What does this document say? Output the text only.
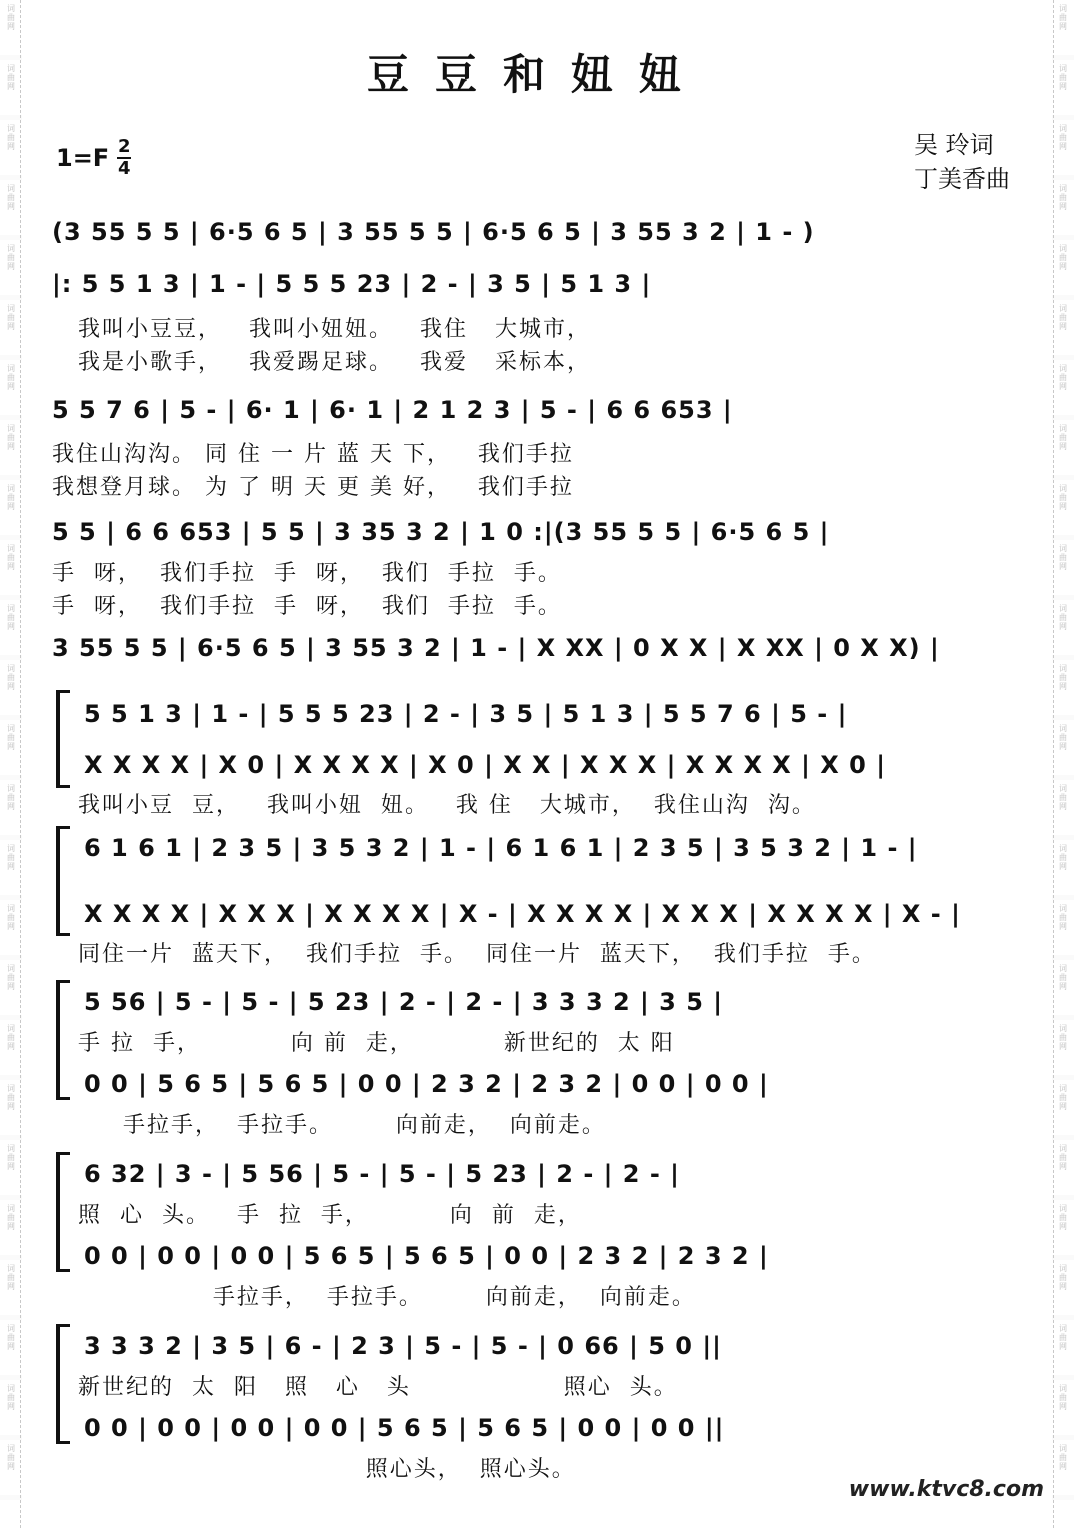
词
曲
网
词
曲
网
词
曲
网
词
曲
网
词
曲
网
词
曲
网
词
曲
网
词
曲
网
词
曲
网
词
曲
网
词
曲
网
词
曲
网
词
曲
网
词
曲
网
词
曲
网
词
曲
网
词
曲
网
词
曲
网
词
曲
网
词
曲
网
词
曲
网
词
曲
网
词
曲
网
词
曲
网
词
曲
网
词
曲
网
词
曲
网
词
曲
网
词
曲
网
词
曲
网
词
曲
网
词
曲
网
词
曲
网
词
曲
网
词
曲
网
词
曲
网
词
曲
网
词
曲
网
词
曲
网
词
曲
网
词
曲
网
词
曲
网
词
曲
网
词
曲
网
词
曲
网
词
曲
网
词
曲
网
词
曲
网
词
曲
网
词
曲
网
豆豆和妞妞
$1=F \frac{2}{4}$	吴 玲词
丁美香曲
(3 55 5 5 | 6·5 6 5 | 3 55 5 5 | 6·5 6 5 | 3 55 3 2 | 1 - )
|: 5 5 1 3 | 1 - | 5 5 5 23 | 2 - | 3 5 | 5 1 3 |
我叫小豆豆，   我叫小妞妞。   我住   大城市，
我是小歌手，   我爱踢足球。   我爱   采标本，
5 5 7 6 | 5 - | 6· 1 | 6· 1 | 2 1 2 3 | 5 - | 6 6 653 |
我住山沟沟。 同 住 一 片 蓝 天 下，   我们手拉
我想登月球。 为 了 明 天 更 美 好，   我们手拉
5 5 | 6 6 653 | 5 5 | 3 35 3 2 | 1 0 :|(3 55 5 5 | 6·5 6 5 |
手  呀，  我们手拉  手  呀，  我们  手拉  手。
手  呀，  我们手拉  手  呀，  我们  手拉  手。
3 55 5 5 | 6·5 6 5 | 3 55 3 2 | 1 - | X XX | 0 X X | X XX | 0 X X) |
5 5 1 3 | 1 - | 5 5 5 23 | 2 - | 3 5 | 5 1 3 | 5 5 7 6 | 5 - |
X X X X | X 0 | X X X X | X 0 | X X | X X X | X X X X | X 0 |
我叫小豆  豆，   我叫小妞  妞。   我 住   大城市，  我住山沟  沟。
6 1 6 1 | 2 3 5 | 3 5 3 2 | 1 - | 6 1 6 1 | 2 3 5 | 3 5 3 2 | 1 - |
X X X X | X X X | X X X X | X - | X X X X | X X X | X X X X | X - |
同住一片  蓝天下，  我们手拉  手。  同住一片  蓝天下，  我们手拉  手。
5 56 | 5 - | 5 - | 5 23 | 2 - | 2 - | 3 3 3 2 | 3 5 |
手 拉  手，          向 前  走，          新世纪的  太 阳
0 0 | 5 6 5 | 5 6 5 | 0 0 | 2 3 2 | 2 3 2 | 0 0 | 0 0 |
手拉手，  手拉手。       向前走，  向前走。
6 32 | 3 - | 5 56 | 5 - | 5 - | 5 23 | 2 - | 2 - |
照  心  头。   手  拉  手，         向  前  走，
0 0 | 0 0 | 0 0 | 5 6 5 | 5 6 5 | 0 0 | 2 3 2 | 2 3 2 |
手拉手，  手拉手。       向前走，  向前走。
3 3 3 2 | 3 5 | 6 - | 2 3 | 5 - | 5 - | 0 66 | 5 0 ||
新世纪的  太  阳   照   心   头                 照心  头。
0 0 | 0 0 | 0 0 | 0 0 | 5 6 5 | 5 6 5 | 0 0 | 0 0 ||
照心头，  照心头。
www.ktvc8.com
